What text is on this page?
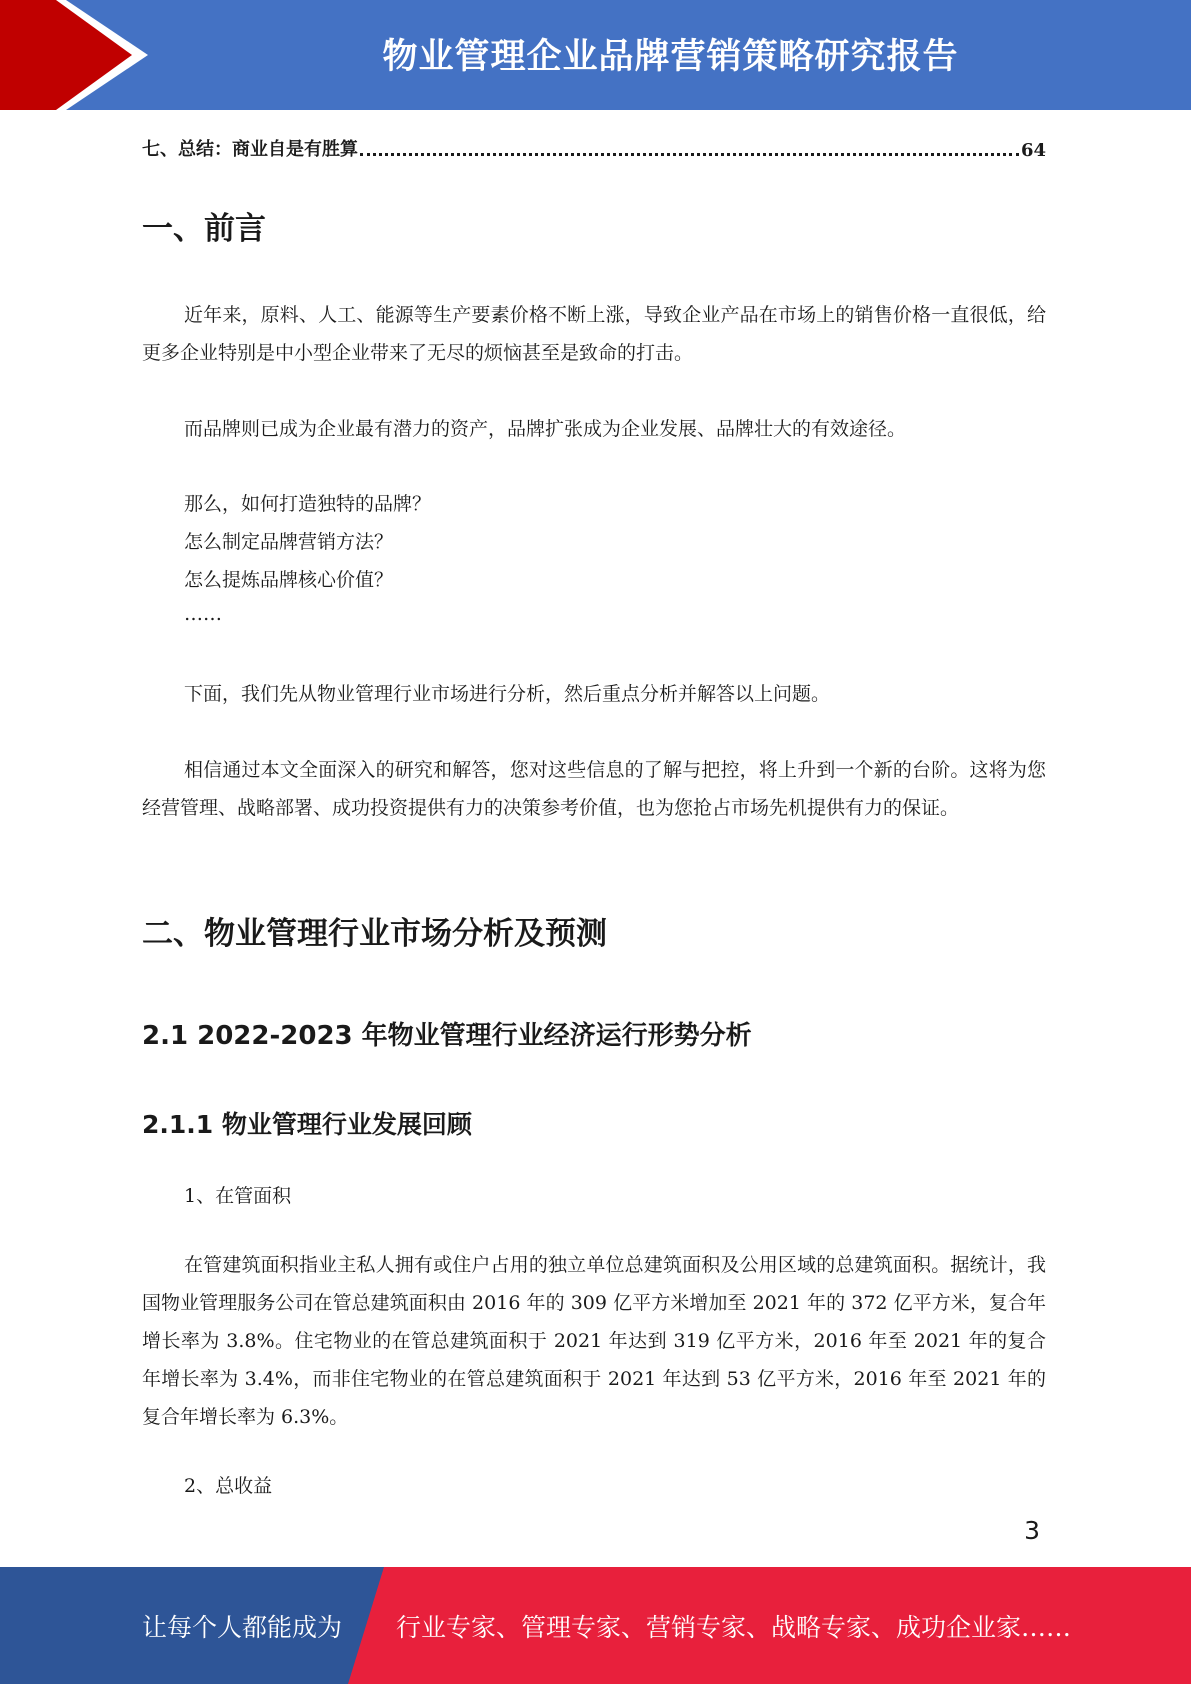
物业管理企业品牌营销策略研究报告
七、总结：商业自是有胜算	64
一、前言

近年来，原料、人工、能源等生产要素价格不断上涨，导致企业产品在市场上的销售价格一直很低，给更多企业特别是中小型企业带来了无尽的烦恼甚至是致命的打击。

而品牌则已成为企业最有潜力的资产，品牌扩张成为企业发展、品牌壮大的有效途径。

那么，如何打造独特的品牌？

怎么制定品牌营销方法？

怎么提炼品牌核心价值？

……

下面，我们先从物业管理行业市场进行分析，然后重点分析并解答以上问题。

相信通过本文全面深入的研究和解答，您对这些信息的了解与把控，将上升到一个新的台阶。这将为您经营管理、战略部署、成功投资提供有力的决策参考价值，也为您抢占市场先机提供有力的保证。

二、物业管理行业市场分析及预测
2.1 2022-2023 年物业管理行业经济运行形势分析
2.1.1 物业管理行业发展回顾

1、在管面积

在管建筑面积指业主私人拥有或住户占用的独立单位总建筑面积及公用区域的总建筑面积。据统计，我国物业管理服务公司在管总建筑面积由 2016 年的 309 亿平方米增加至 2021 年的 372 亿平方米，复合年增长率为 3.8%。住宅物业的在管总建筑面积于 2021 年达到 319 亿平方米，2016 年至 2021 年的复合年增长率为 3.4%，而非住宅物业的在管总建筑面积于 2021 年达到 53 亿平方米，2016 年至 2021 年的复合年增长率为 6.3%。

2、总收益

3
让每个人都能成为 行业专家、管理专家、营销专家、战略专家、成功企业家……
